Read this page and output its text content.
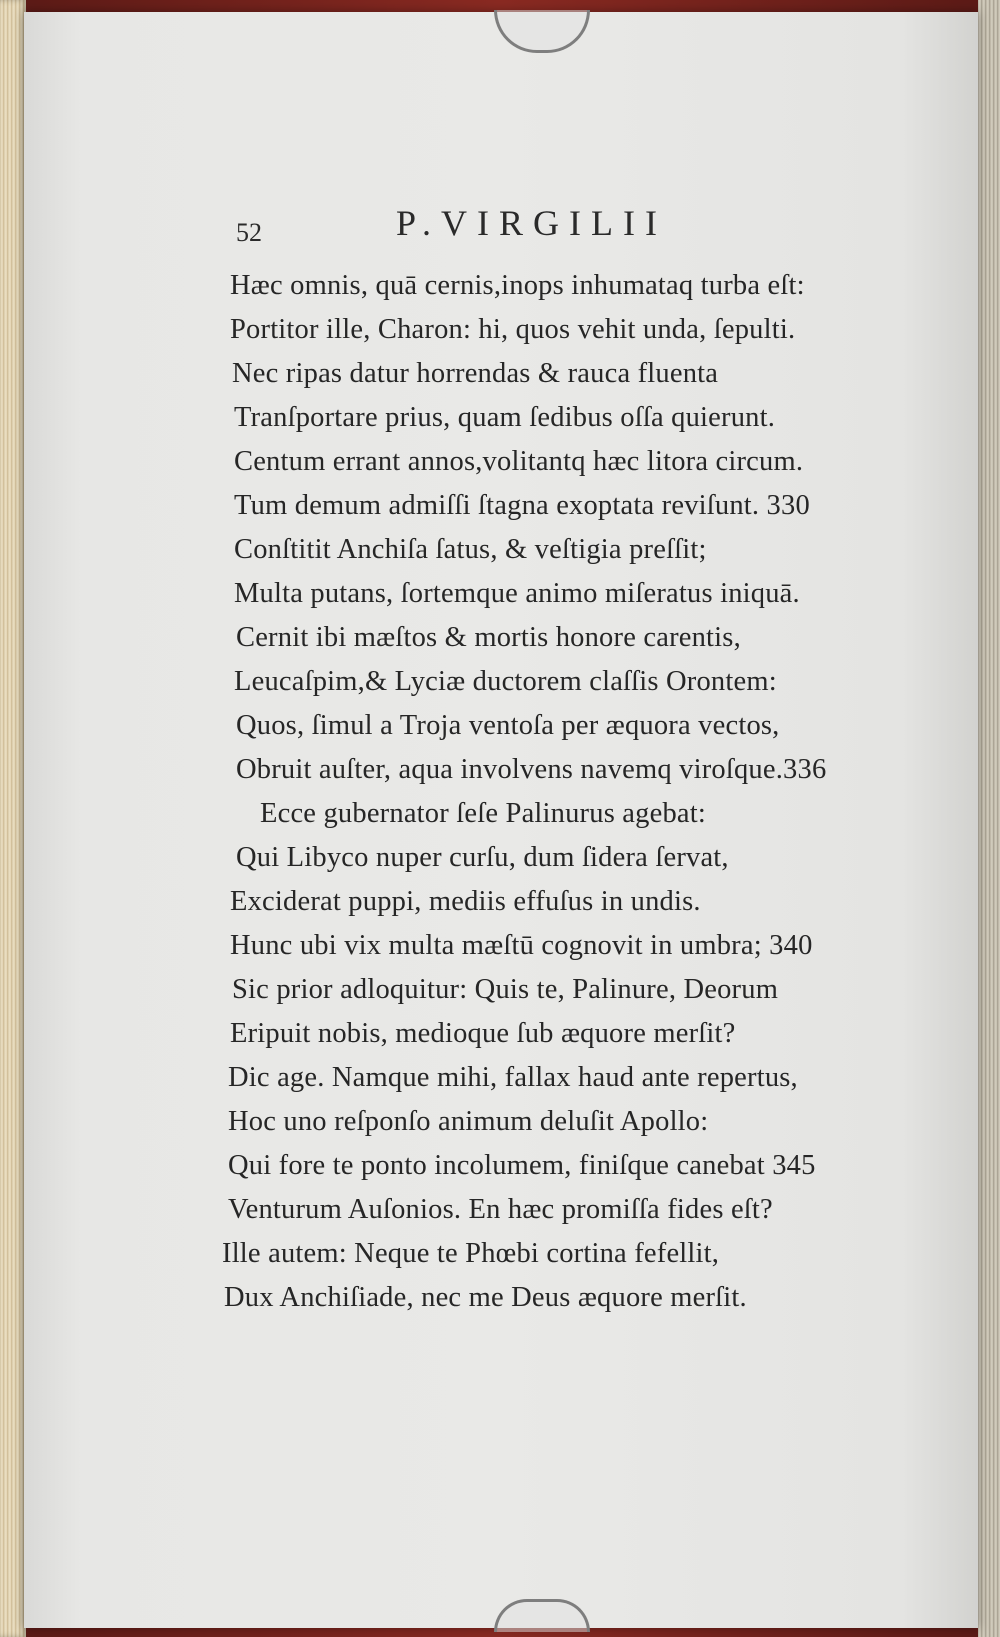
52	P.VIRGILII
Hæc omnis, quā cernis,inops inhumataq turba eſt:
Portitor ille, Charon: hi, quos vehit unda, ſepulti.
Nec ripas datur horrendas & rauca fluenta
Tranſportare prius, quam ſedibus oſſa quierunt.
Centum errant annos,volitantq hæc litora circum.
Tum demum admiſſi ſtagna exoptata reviſunt. 330
Conſtitit Anchiſa ſatus, & veſtigia preſſit;
Multa putans, ſortemque animo miſeratus iniquā.
Cernit ibi mæſtos & mortis honore carentis,
Leucaſpim,& Lyciæ ductorem claſſis Orontem:
Quos, ſimul a Troja ventoſa per æquora vectos,
Obruit auſter, aqua involvens navemq viroſque.336
Ecce gubernator ſeſe Palinurus agebat:
Qui Libyco nuper curſu, dum ſidera ſervat,
Exciderat puppi, mediis effuſus in undis.
Hunc ubi vix multa mæſtū cognovit in umbra; 340
Sic prior adloquitur: Quis te, Palinure, Deorum
Eripuit nobis, medioque ſub æquore merſit?
Dic age. Namque mihi, fallax haud ante repertus,
Hoc uno reſponſo animum deluſit Apollo:
Qui fore te ponto incolumem, finiſque canebat 345
Venturum Auſonios. En hæc promiſſa fides eſt?
Ille autem: Neque te Phœbi cortina fefellit,
Dux Anchiſiade, nec me Deus æquore merſit.
